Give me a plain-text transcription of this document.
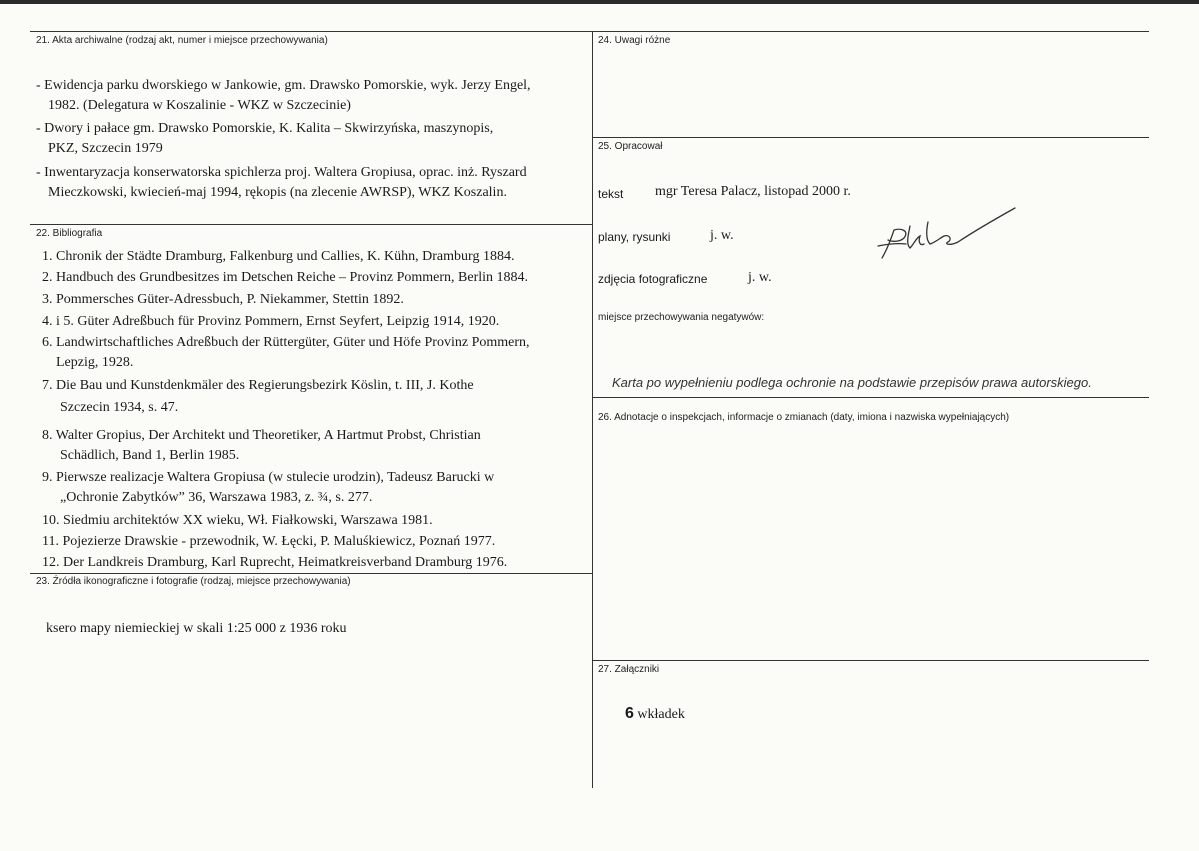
21. Akta archiwalne (rodzaj akt, numer i miejsce przechowywania)
- Ewidencja parku dworskiego w Jankowie, gm. Drawsko Pomorskie, wyk. Jerzy Engel,
1982. (Delegatura w Koszalinie - WKZ w Szczecinie)
- Dwory i pałace gm. Drawsko Pomorskie, K. Kalita – Skwirzyńska, maszynopis,
PKZ, Szczecin 1979
- Inwentaryzacja konserwatorska spichlerza proj. Waltera Gropiusa, oprac. inż. Ryszard
Mieczkowski, kwiecień-maj 1994, rękopis (na zlecenie AWRSP), WKZ Koszalin.
22. Bibliografia
1. Chronik der Städte Dramburg, Falkenburg und Callies, K. Kühn, Dramburg 1884.
2. Handbuch des Grundbesitzes im Detschen Reiche – Provinz Pommern, Berlin 1884.
3. Pommersches Güter-Adressbuch, P. Niekammer, Stettin 1892.
4. i 5. Güter Adreßbuch für Provinz Pommern, Ernst Seyfert, Leipzig 1914, 1920.
6. Landwirtschaftliches Adreßbuch der Rüttergüter, Güter und Höfe Provinz Pommern,
Lepzig, 1928.
7. Die Bau und Kunstdenkmäler des Regierungsbezirk Köslin, t. III, J. Kothe
Szczecin 1934, s. 47.
8. Walter Gropius, Der Architekt und Theoretiker, A Hartmut Probst, Christian
Schädlich, Band 1, Berlin 1985.
9. Pierwsze realizacje Waltera Gropiusa (w stulecie urodzin), Tadeusz Barucki w
„Ochronie Zabytków” 36, Warszawa 1983, z. ¾, s. 277.
10. Siedmiu architektów XX wieku, Wł. Fiałkowski, Warszawa 1981.
11. Pojezierze Drawskie - przewodnik, W. Łęcki, P. Maluśkiewicz, Poznań 1977.
12. Der Landkreis Dramburg, Karl Ruprecht, Heimatkreisverband Dramburg 1976.
23. Źródła ikonograficzne i fotografie (rodzaj, miejsce przechowywania)
ksero mapy niemieckiej w skali 1:25 000 z 1936 roku
24. Uwagi różne
25. Opracował
tekst mgr Teresa Palacz, listopad 2000 r.
plany, rysunki	j. w.
zdjęcia fotograficzne	j. w.
miejsce przechowywania negatywów:
Karta po wypełnieniu podlega ochronie na podstawie przepisów prawa autorskiego.
26. Adnotacje o inspekcjach, informacje o zmianach (daty, imiona i nazwiska wypełniających)
27. Załączniki
6 wkładek
